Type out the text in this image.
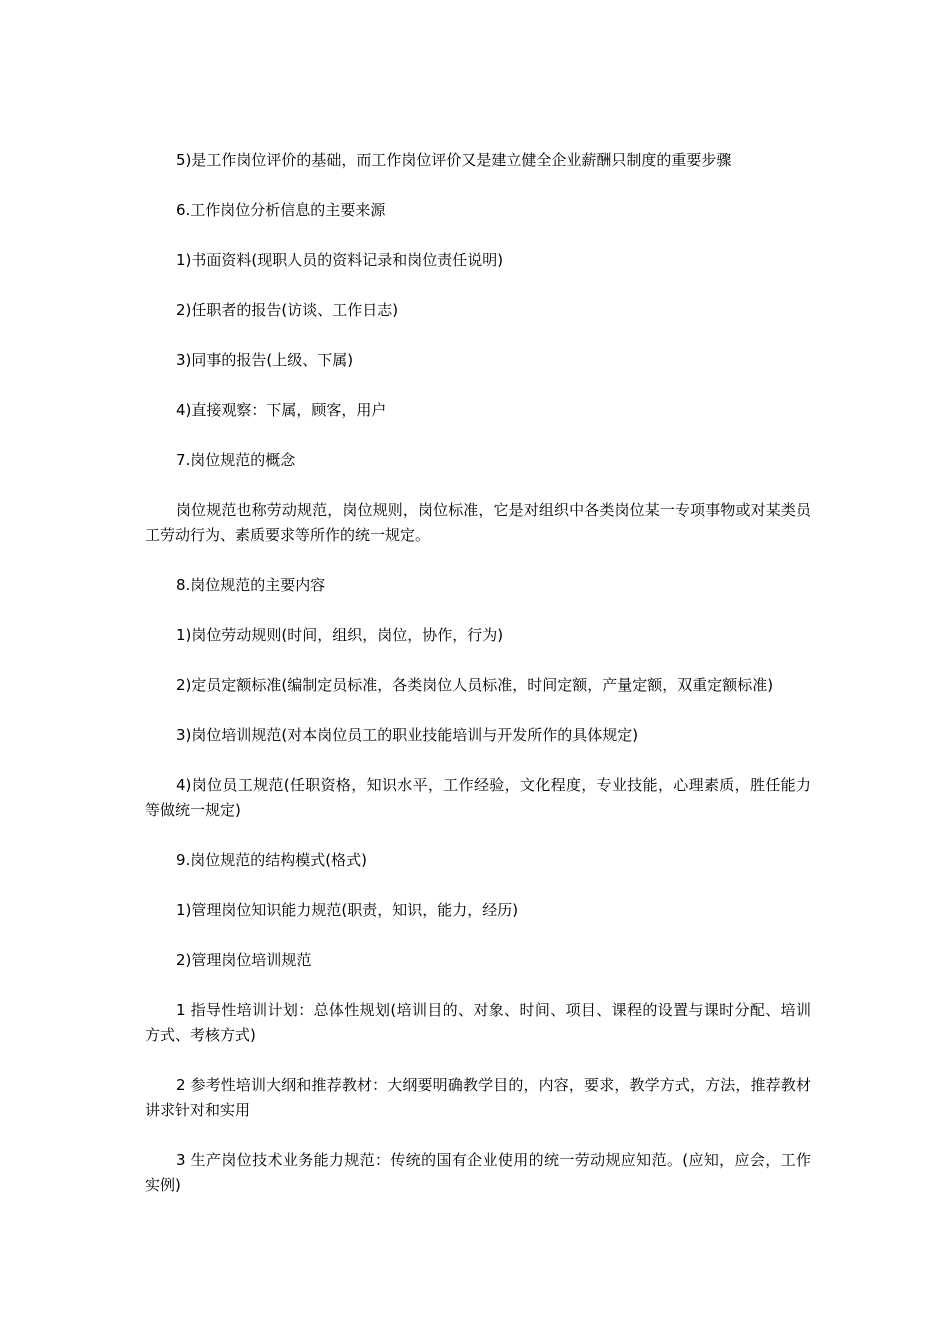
5)是工作岗位评价的基础，而工作岗位评价又是建立健全企业薪酬只制度的重要步骤

6.工作岗位分析信息的主要来源

1)书面资料(现职人员的资料记录和岗位责任说明)

2)任职者的报告(访谈、工作日志)

3)同事的报告(上级、下属)

4)直接观察：下属，顾客，用户

7.岗位规范的概念

岗位规范也称劳动规范，岗位规则，岗位标准，它是对组织中各类岗位某一专项事物或对某类员工劳动行为、素质要求等所作的统一规定。

8.岗位规范的主要内容

1)岗位劳动规则(时间，组织，岗位，协作，行为)

2)定员定额标准(编制定员标准，各类岗位人员标准，时间定额，产量定额，双重定额标准)

3)岗位培训规范(对本岗位员工的职业技能培训与开发所作的具体规定)

4)岗位员工规范(任职资格，知识水平，工作经验，文化程度，专业技能，心理素质，胜任能力等做统一规定)

9.岗位规范的结构模式(格式)

1)管理岗位知识能力规范(职责，知识，能力，经历)

2)管理岗位培训规范

1 指导性培训计划：总体性规划(培训目的、对象、时间、项目、课程的设置与课时分配、培训方式、考核方式)

2 参考性培训大纲和推荐教材：大纲要明确教学目的，内容，要求，教学方式，方法，推荐教材讲求针对和实用

3 生产岗位技术业务能力规范：传统的国有企业使用的统一劳动规应知范。(应知，应会，工作实例)
